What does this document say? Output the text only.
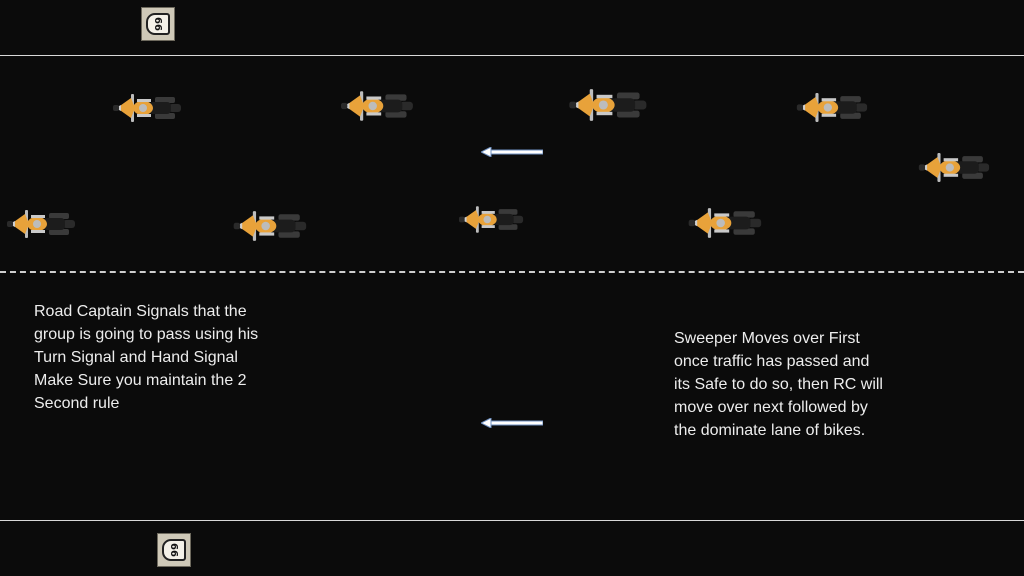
66
66

Road Captain Signals that the
group is going to pass using his
Turn Signal and Hand Signal
Make Sure you maintain the 2
Second rule

Sweeper Moves over First
once traffic has passed and
its Safe to do so, then RC will
move over next followed by
the dominate lane of bikes.
